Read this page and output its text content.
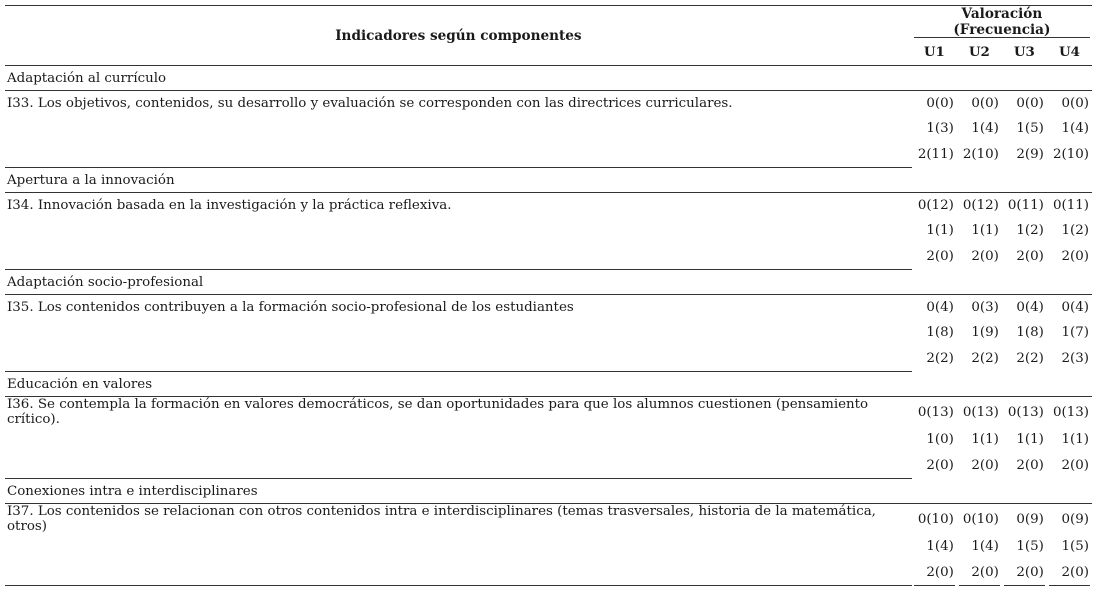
Indicadores según componentes	Valoración (Frecuencia)			

	U1	U2	U3	U4
Adaptación al currículo				
I33. Los objetivos, contenidos, su desarrollo y evaluación se corresponden con las directrices curriculares.	0(0)	0(0)	0(0)	0(0)
	1(3)	1(4)	1(5)	1(4)
	2(11)	2(10)	2(9)	2(10)
Apertura a la innovación				
I34. Innovación basada en la investigación y la práctica reflexiva.	0(12)	0(12)	0(11)	0(11)
	1(1)	1(1)	1(2)	1(2)
	2(0)	2(0)	2(0)	2(0)
Adaptación socio-profesional				
I35. Los contenidos contribuyen a la formación socio-profesional de los estudiantes	0(4)	0(3)	0(4)	0(4)
	1(8)	1(9)	1(8)	1(7)
	2(2)	2(2)	2(2)	2(3)
Educación en valores				
I36. Se contempla la formación en valores democráticos, se dan oportunidades para que los alumnos cuestionen (pensamiento crítico).	0(13)	0(13)	0(13)	0(13)
	1(0)	1(1)	1(1)	1(1)
	2(0)	2(0)	2(0)	2(0)
Conexiones intra e interdisciplinares				
I37. Los contenidos se relacionan con otros contenidos intra e interdisciplinares (temas trasversales, historia de la matemática, otros)	0(10)	0(10)	0(9)	0(9)
	1(4)	1(4)	1(5)	1(5)
	2(0)	2(0)	2(0)	2(0)
